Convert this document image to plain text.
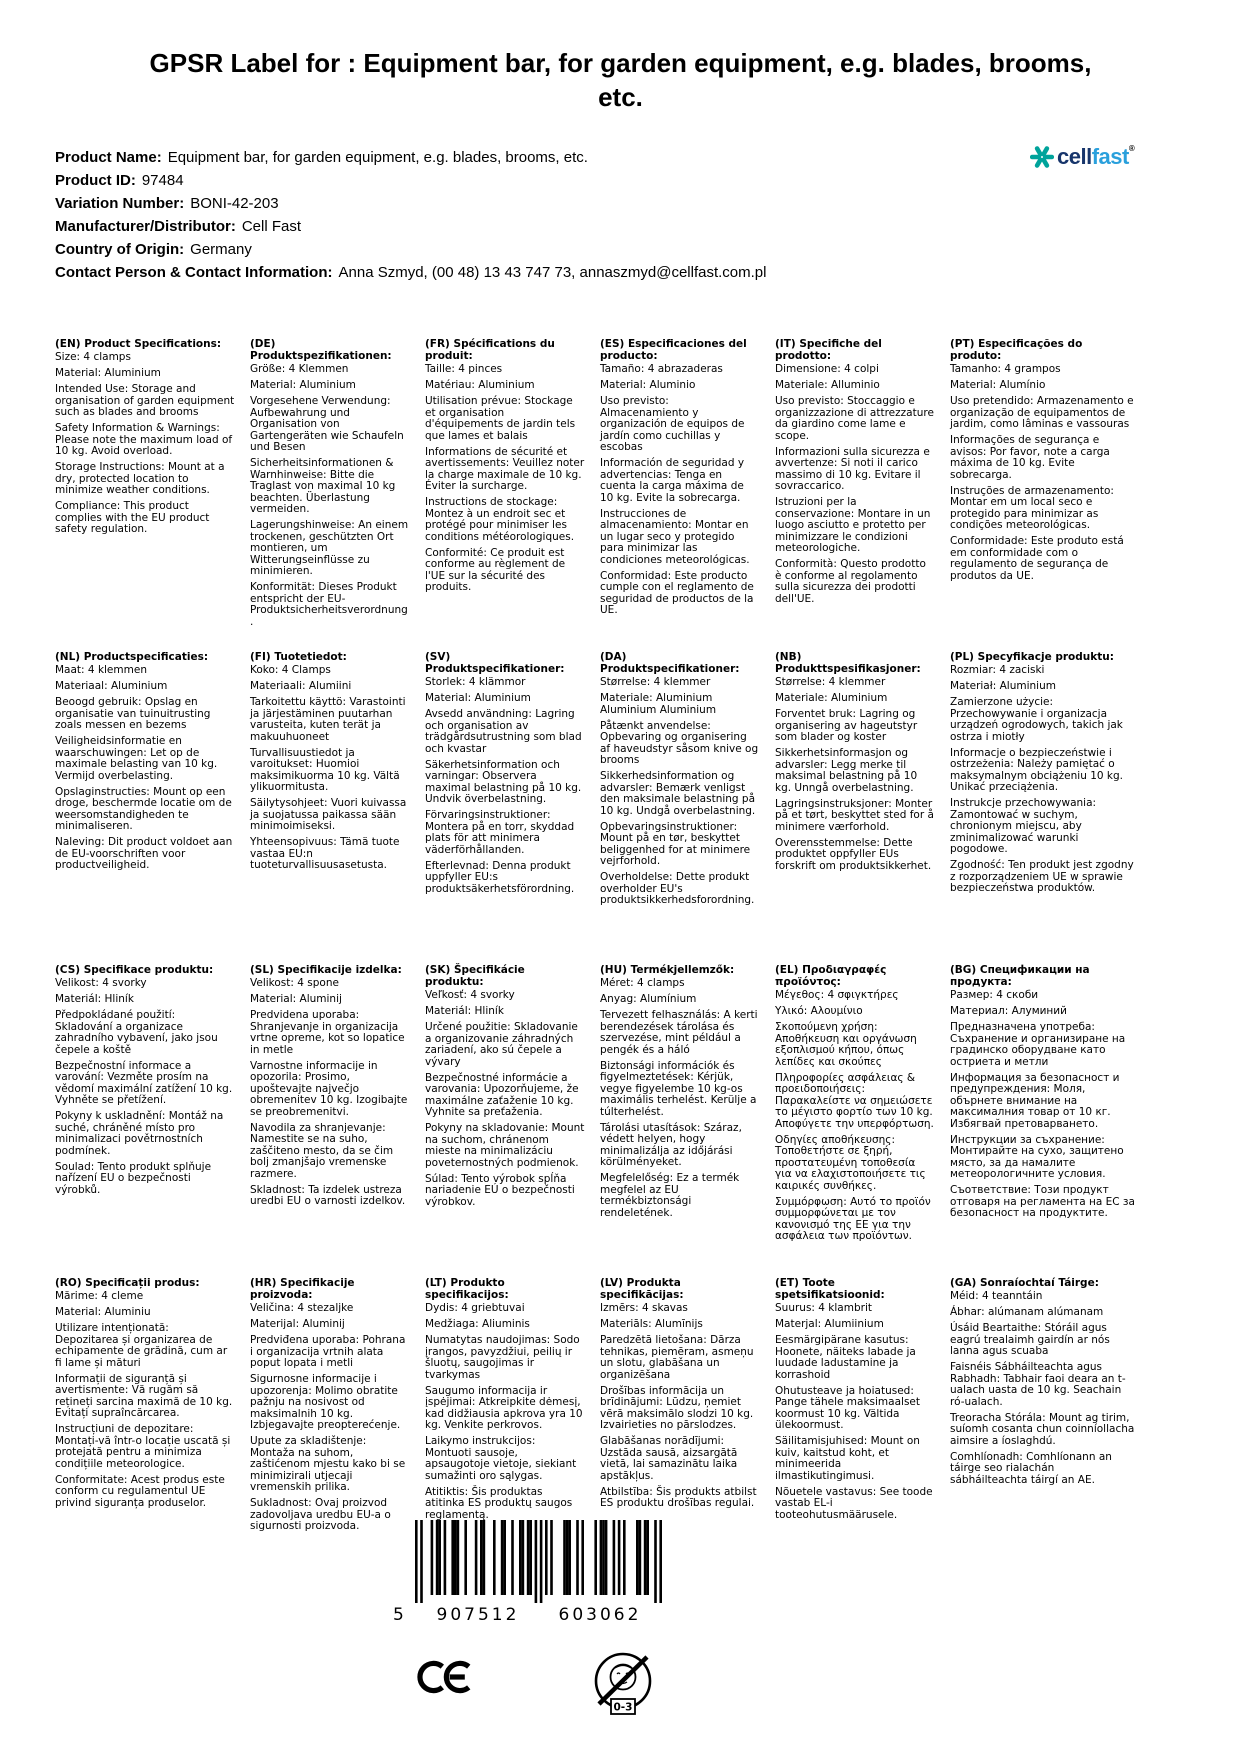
GPSR Label for : Equipment bar, for garden equipment, e.g. blades, brooms, etc.
Product Name: Equipment bar, for garden equipment, e.g. blades, brooms, etc.
Product ID: 97484
Variation Number: BONI-42-203
Manufacturer/Distributor: Cell Fast
Country of Origin: Germany
Contact Person & Contact Information: Anna Szmyd, (00 48) 13 43 747 73, annaszmyd@cellfast.com.pl
cellfast®
(EN) Product Specifications:

Size: 4 clamps

Material: Aluminium

Intended Use: Storage and organisation of garden equipment such as blades and brooms

Safety Information & Warnings: Please note the maximum load of 10 kg. Avoid overload.

Storage Instructions: Mount at a dry, protected location to minimize weather conditions.

Compliance: This product complies with the EU product safety regulation.

(DE) Produktspezifikationen:

Größe: 4 Klemmen

Material: Aluminium

Vorgesehene Verwendung: Aufbewahrung und Organisation von Gartengeräten wie Schaufeln und Besen

Sicherheitsinformationen & Warnhinweise: Bitte die Traglast von maximal 10 kg beachten. Überlastung vermeiden.

Lagerungshinweise: An einem trockenen, geschützten Ort montieren, um Witterungseinflüsse zu minimieren.

Konformität: Dieses Produkt entspricht der EU-Produktsicherheitsverordnung.

(FR) Spécifications du produit:

Taille: 4 pinces

Matériau: Aluminium

Utilisation prévue: Stockage et organisation d'équipements de jardin tels que lames et balais

Informations de sécurité et avertissements: Veuillez noter la charge maximale de 10 kg. Éviter la surcharge.

Instructions de stockage: Montez à un endroit sec et protégé pour minimiser les conditions météorologiques.

Conformité: Ce produit est conforme au règlement de l'UE sur la sécurité des produits.

(ES) Especificaciones del producto:

Tamaño: 4 abrazaderas

Material: Aluminio

Uso previsto: Almacenamiento y organización de equipos de jardín como cuchillas y escobas

Información de seguridad y advertencias: Tenga en cuenta la carga máxima de 10 kg. Evite la sobrecarga.

Instrucciones de almacenamiento: Montar en un lugar seco y protegido para minimizar las condiciones meteorológicas.

Conformidad: Este producto cumple con el reglamento de seguridad de productos de la UE.

(IT) Specifiche del prodotto:

Dimensione: 4 colpi

Materiale: Alluminio

Uso previsto: Stoccaggio e organizzazione di attrezzature da giardino come lame e scope.

Informazioni sulla sicurezza e avvertenze: Si noti il carico massimo di 10 kg. Evitare il sovraccarico.

Istruzioni per la conservazione: Montare in un luogo asciutto e protetto per minimizzare le condizioni meteorologiche.

Conformità: Questo prodotto è conforme al regolamento sulla sicurezza dei prodotti dell'UE.

(PT) Especificações do produto:

Tamanho: 4 grampos

Material: Alumínio

Uso pretendido: Armazenamento e organização de equipamentos de jardim, como lâminas e vassouras

Informações de segurança e avisos: Por favor, note a carga máxima de 10 kg. Evite sobrecarga.

Instruções de armazenamento: Montar em um local seco e protegido para minimizar as condições meteorológicas.

Conformidade: Este produto está em conformidade com o regulamento de segurança de produtos da UE.

(NL) Productspecificaties:

Maat: 4 klemmen

Materiaal: Aluminium

Beoogd gebruik: Opslag en organisatie van tuinuitrusting zoals messen en bezems

Veiligheidsinformatie en waarschuwingen: Let op de maximale belasting van 10 kg. Vermijd overbelasting.

Opslaginstructies: Mount op een droge, beschermde locatie om de weersomstandigheden te minimaliseren.

Naleving: Dit product voldoet aan de EU-voorschriften voor productveiligheid.

(FI) Tuotetiedot:

Koko: 4 Clamps

Materiaali: Alumiini

Tarkoitettu käyttö: Varastointi ja järjestäminen puutarhan varusteita, kuten terät ja makuuhuoneet

Turvallisuustiedot ja varoitukset: Huomioi maksimikuorma 10 kg. Vältä ylikuormitusta.

Säilytysohjeet: Vuori kuivassa ja suojatussa paikassa sään minimoimiseksi.

Yhteensopivuus: Tämä tuote vastaa EU:n tuoteturvallisuusasetusta.

(SV) Produktspecifikationer:

Storlek: 4 klämmor

Material: Aluminium

Avsedd användning: Lagring och organisation av trädgårdsutrustning som blad och kvastar

Säkerhetsinformation och varningar: Observera maximal belastning på 10 kg. Undvik överbelastning.

Förvaringsinstruktioner: Montera på en torr, skyddad plats för att minimera väderförhållanden.

Efterlevnad: Denna produkt uppfyller EU:s produktsäkerhetsförordning.

(DA) Produktspecifikationer:

Størrelse: 4 klemmer

Materiale: Aluminium Aluminium Aluminium

Påtænkt anvendelse: Opbevaring og organisering af haveudstyr såsom knive og brooms

Sikkerhedsinformation og advarsler: Bemærk venligst den maksimale belastning på 10 kg. Undgå overbelastning.

Opbevaringsinstruktioner: Mount på en tør, beskyttet beliggenhed for at minimere vejrforhold.

Overholdelse: Dette produkt overholder EU's produktsikkerhedsforordning.

(NB) Produkttspesifikasjoner:

Størrelse: 4 klemmer

Materiale: Aluminium

Forventet bruk: Lagring og organisering av hageutstyr som blader og koster

Sikkerhetsinformasjon og advarsler: Legg merke til maksimal belastning på 10 kg. Unngå overbelastning.

Lagringsinstruksjoner: Monter på et tørt, beskyttet sted for å minimere værforhold.

Overensstemmelse: Dette produktet oppfyller EUs forskrift om produktsikkerhet.

(PL) Specyfikacje produktu:

Rozmiar: 4 zaciski

Materiał: Aluminium

Zamierzone użycie: Przechowywanie i organizacja urządzeń ogrodowych, takich jak ostrza i miotły

Informacje o bezpieczeństwie i ostrzeżenia: Należy pamiętać o maksymalnym obciążeniu 10 kg. Unikać przeciążenia.

Instrukcje przechowywania: Zamontować w suchym, chronionym miejscu, aby zminimalizować warunki pogodowe.

Zgodność: Ten produkt jest zgodny z rozporządzeniem UE w sprawie bezpieczeństwa produktów.

(CS) Specifikace produktu:

Velikost: 4 svorky

Materiál: Hliník

Předpokládané použití: Skladování a organizace zahradního vybavení, jako jsou čepele a koště

Bezpečnostní informace a varování: Vezměte prosím na vědomí maximální zatížení 10 kg. Vyhněte se přetížení.

Pokyny k uskladnění: Montáž na suché, chráněné místo pro minimalizaci povětrnostních podmínek.

Soulad: Tento produkt splňuje nařízení EU o bezpečnosti výrobků.

(SL) Specifikacije izdelka:

Velikost: 4 spone

Material: Aluminij

Predvidena uporaba: Shranjevanje in organizacija vrtne opreme, kot so lopatice in metle

Varnostne informacije in opozorila: Prosimo, upoštevajte največjo obremenitev 10 kg. Izogibajte se preobremenitvi.

Navodila za shranjevanje: Namestite se na suho, zaščiteno mesto, da se čim bolj zmanjšajo vremenske razmere.

Skladnost: Ta izdelek ustreza uredbi EU o varnosti izdelkov.

(SK) Špecifikácie produktu:

Veľkosť: 4 svorky

Materiál: Hliník

Určené použitie: Skladovanie a organizovanie záhradných zariadení, ako sú čepele a vývary

Bezpečnostné informácie a varovania: Upozorňujeme, že maximálne zaťaženie 10 kg. Vyhnite sa preťaženia.

Pokyny na skladovanie: Mount na suchom, chránenom mieste na minimalizáciu poveternostných podmienok.

Súlad: Tento výrobok spĺňa nariadenie EÚ o bezpečnosti výrobkov.

(HU) Termékjellemzők:

Méret: 4 clamps

Anyag: Alumínium

Tervezett felhasználás: A kerti berendezések tárolása és szervezése, mint például a pengék és a háló

Biztonsági információk és figyelmeztetések: Kérjük, vegye figyelembe 10 kg-os maximális terhelést. Kerülje a túlterhelést.

Tárolási utasítások: Száraz, védett helyen, hogy minimalizálja az időjárási körülményeket.

Megfelelőség: Ez a termék megfelel az EU termékbiztonsági rendeletének.

(EL) Προδιαγραφές προϊόντος:

Μέγεθος: 4 σφιγκτήρες

Υλικό: Αλουμίνιο

Σκοπούμενη χρήση: Αποθήκευση και οργάνωση εξοπλισμού κήπου, όπως λεπίδες και σκούπες

Πληροφορίες ασφάλειας & προειδοποιήσεις: Παρακαλείστε να σημειώσετε το μέγιστο φορτίο των 10 kg. Αποφύγετε την υπερφόρτωση.

Οδηγίες αποθήκευσης: Τοποθετήστε σε ξηρή, προστατευμένη τοποθεσία για να ελαχιστοποιήσετε τις καιρικές συνθήκες.

Συμμόρφωση: Αυτό το προϊόν συμμορφώνεται με τον κανονισμό της ΕΕ για την ασφάλεια των προϊόντων.

(BG) Спецификации на продукта:

Размер: 4 скоби

Материал: Алуминий

Предназначена употреба: Съхранение и организиране на градинско оборудване като остриета и метли

Информация за безопасност и предупреждения: Моля, обърнете внимание на максималния товар от 10 кг. Избягвай претоварването.

Инструкции за съхранение: Монтирайте на сухо, защитено място, за да намалите метеорологичните условия.

Съответствие: Този продукт отговаря на регламента на ЕС за безопасност на продуктите.

(RO) Specificații produs:

Mărime: 4 cleme

Material: Aluminiu

Utilizare intenționată: Depozitarea și organizarea de echipamente de grădină, cum ar fi lame și mături

Informații de siguranță și avertismente: Vă rugăm să rețineți sarcina maximă de 10 kg. Evitați supraîncărcarea.

Instrucțiuni de depozitare: Montați-vă într-o locație uscată și protejată pentru a minimiza condițiile meteorologice.

Conformitate: Acest produs este conform cu regulamentul UE privind siguranța produselor.

(HR) Specifikacije proizvoda:

Veličina: 4 stezaljke

Materijal: Aluminij

Predviđena uporaba: Pohrana i organizacija vrtnih alata poput lopata i metli

Sigurnosne informacije i upozorenja: Molimo obratite pažnju na nosivost od maksimalnih 10 kg. Izbjegavajte preopterećenje.

Upute za skladištenje: Montaža na suhom, zaštićenom mjestu kako bi se minimizirali utjecaji vremenskih prilika.

Sukladnost: Ovaj proizvod zadovoljava uredbu EU-a o sigurnosti proizvoda.

(LT) Produkto specifikacijos:

Dydis: 4 griebtuvai

Medžiaga: Aliuminis

Numatytas naudojimas: Sodo įrangos, pavyzdžiui, peilių ir šluotų, saugojimas ir tvarkymas

Saugumo informacija ir įspėjimai: Atkreipkite dėmesį, kad didžiausia apkrova yra 10 kg. Venkite perkrovos.

Laikymo instrukcijos: Montuoti sausoje, apsaugotoje vietoje, siekiant sumažinti oro sąlygas.

Atitiktis: Šis produktas atitinka ES produktų saugos reglamentą.

(LV) Produkta specifikācijas:

Izmērs: 4 skavas

Materiāls: Alumīnijs

Paredzētā lietošana: Dārza tehnikas, piemēram, asmeņu un slotu, glabāšana un organizēšana

Drošības informācija un brīdinājumi: Lūdzu, ņemiet vērā maksimālo slodzi 10 kg. Izvairieties no pārslodzes.

Glabāšanas norādījumi: Uzstāda sausā, aizsargātā vietā, lai samazinātu laika apstākļus.

Atbilstība: Šis produkts atbilst ES produktu drošības regulai.

(ET) Toote spetsifikatsioonid:

Suurus: 4 klambrit

Materjal: Alumiinium

Eesmärgipärane kasutus: Hoonete, näiteks labade ja luudade ladustamine ja korrashoid

Ohutusteave ja hoiatused: Pange tähele maksimaalset koormust 10 kg. Vältida ülekoormust.

Säilitamisjuhised: Mount on kuiv, kaitstud koht, et minimeerida ilmastikutingimusi.

Nõuetele vastavus: See toode vastab EL-i tooteohutusmäärusele.

(GA) Sonraíochtaí Táirge:

Méid: 4 teanntáin

Ábhar: alúmanam alúmanam

Úsáid Beartaithe: Stóráil agus eagrú trealaimh gairdín ar nós lanna agus scuaba

Faisnéis Sábháilteachta agus Rabhadh: Tabhair faoi deara an t-ualach uasta de 10 kg. Seachain ró-ualach.

Treoracha Stórála: Mount ag tirim, suíomh cosanta chun coinníollacha aimsire a íoslaghdú.

Comhlíonadh: Comhlíonann an táirge seo rialachán sábháilteachta táirgí an AE.

5	907512	603062
0-3
